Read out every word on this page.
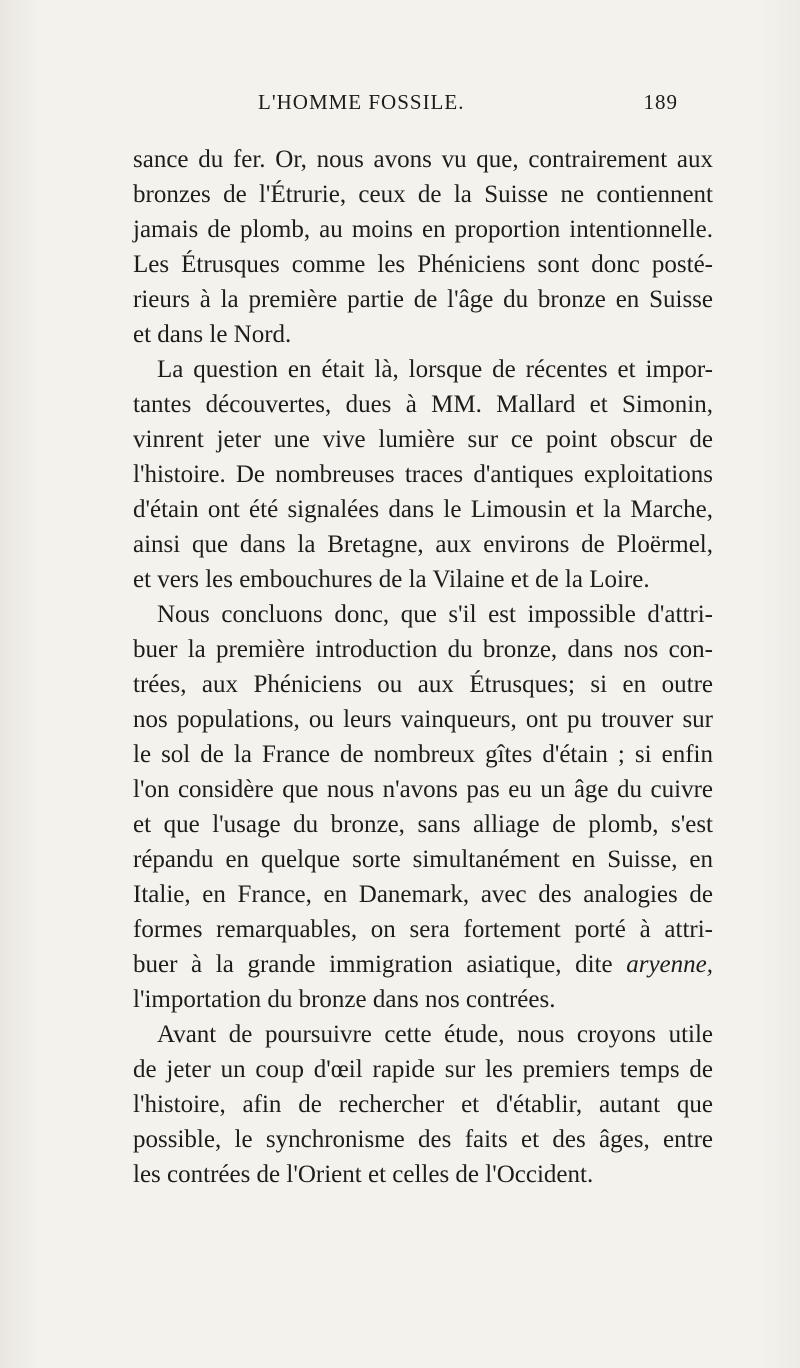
L'HOMME FOSSILE.	189
sance du fer. Or, nous avons vu que, contrairement aux
bronzes de l'Étrurie, ceux de la Suisse ne contiennent
jamais de plomb, au moins en proportion intentionnelle.
Les Étrusques comme les Phéniciens sont donc posté-
rieurs à la première partie de l'âge du bronze en Suisse
et dans le Nord.
La question en était là, lorsque de récentes et impor-
tantes découvertes, dues à MM. Mallard et Simonin,
vinrent jeter une vive lumière sur ce point obscur de
l'histoire. De nombreuses traces d'antiques exploitations
d'étain ont été signalées dans le Limousin et la Marche,
ainsi que dans la Bretagne, aux environs de Ploërmel,
et vers les embouchures de la Vilaine et de la Loire.
Nous concluons donc, que s'il est impossible d'attri-
buer la première introduction du bronze, dans nos con-
trées, aux Phéniciens ou aux Étrusques; si en outre
nos populations, ou leurs vainqueurs, ont pu trouver sur
le sol de la France de nombreux gîtes d'étain ; si enfin
l'on considère que nous n'avons pas eu un âge du cuivre
et que l'usage du bronze, sans alliage de plomb, s'est
répandu en quelque sorte simultanément en Suisse, en
Italie, en France, en Danemark, avec des analogies de
formes remarquables, on sera fortement porté à attri-
buer à la grande immigration asiatique, dite aryenne,
l'importation du bronze dans nos contrées.
Avant de poursuivre cette étude, nous croyons utile
de jeter un coup d'œil rapide sur les premiers temps de
l'histoire, afin de rechercher et d'établir, autant que
possible, le synchronisme des faits et des âges, entre
les contrées de l'Orient et celles de l'Occident.
